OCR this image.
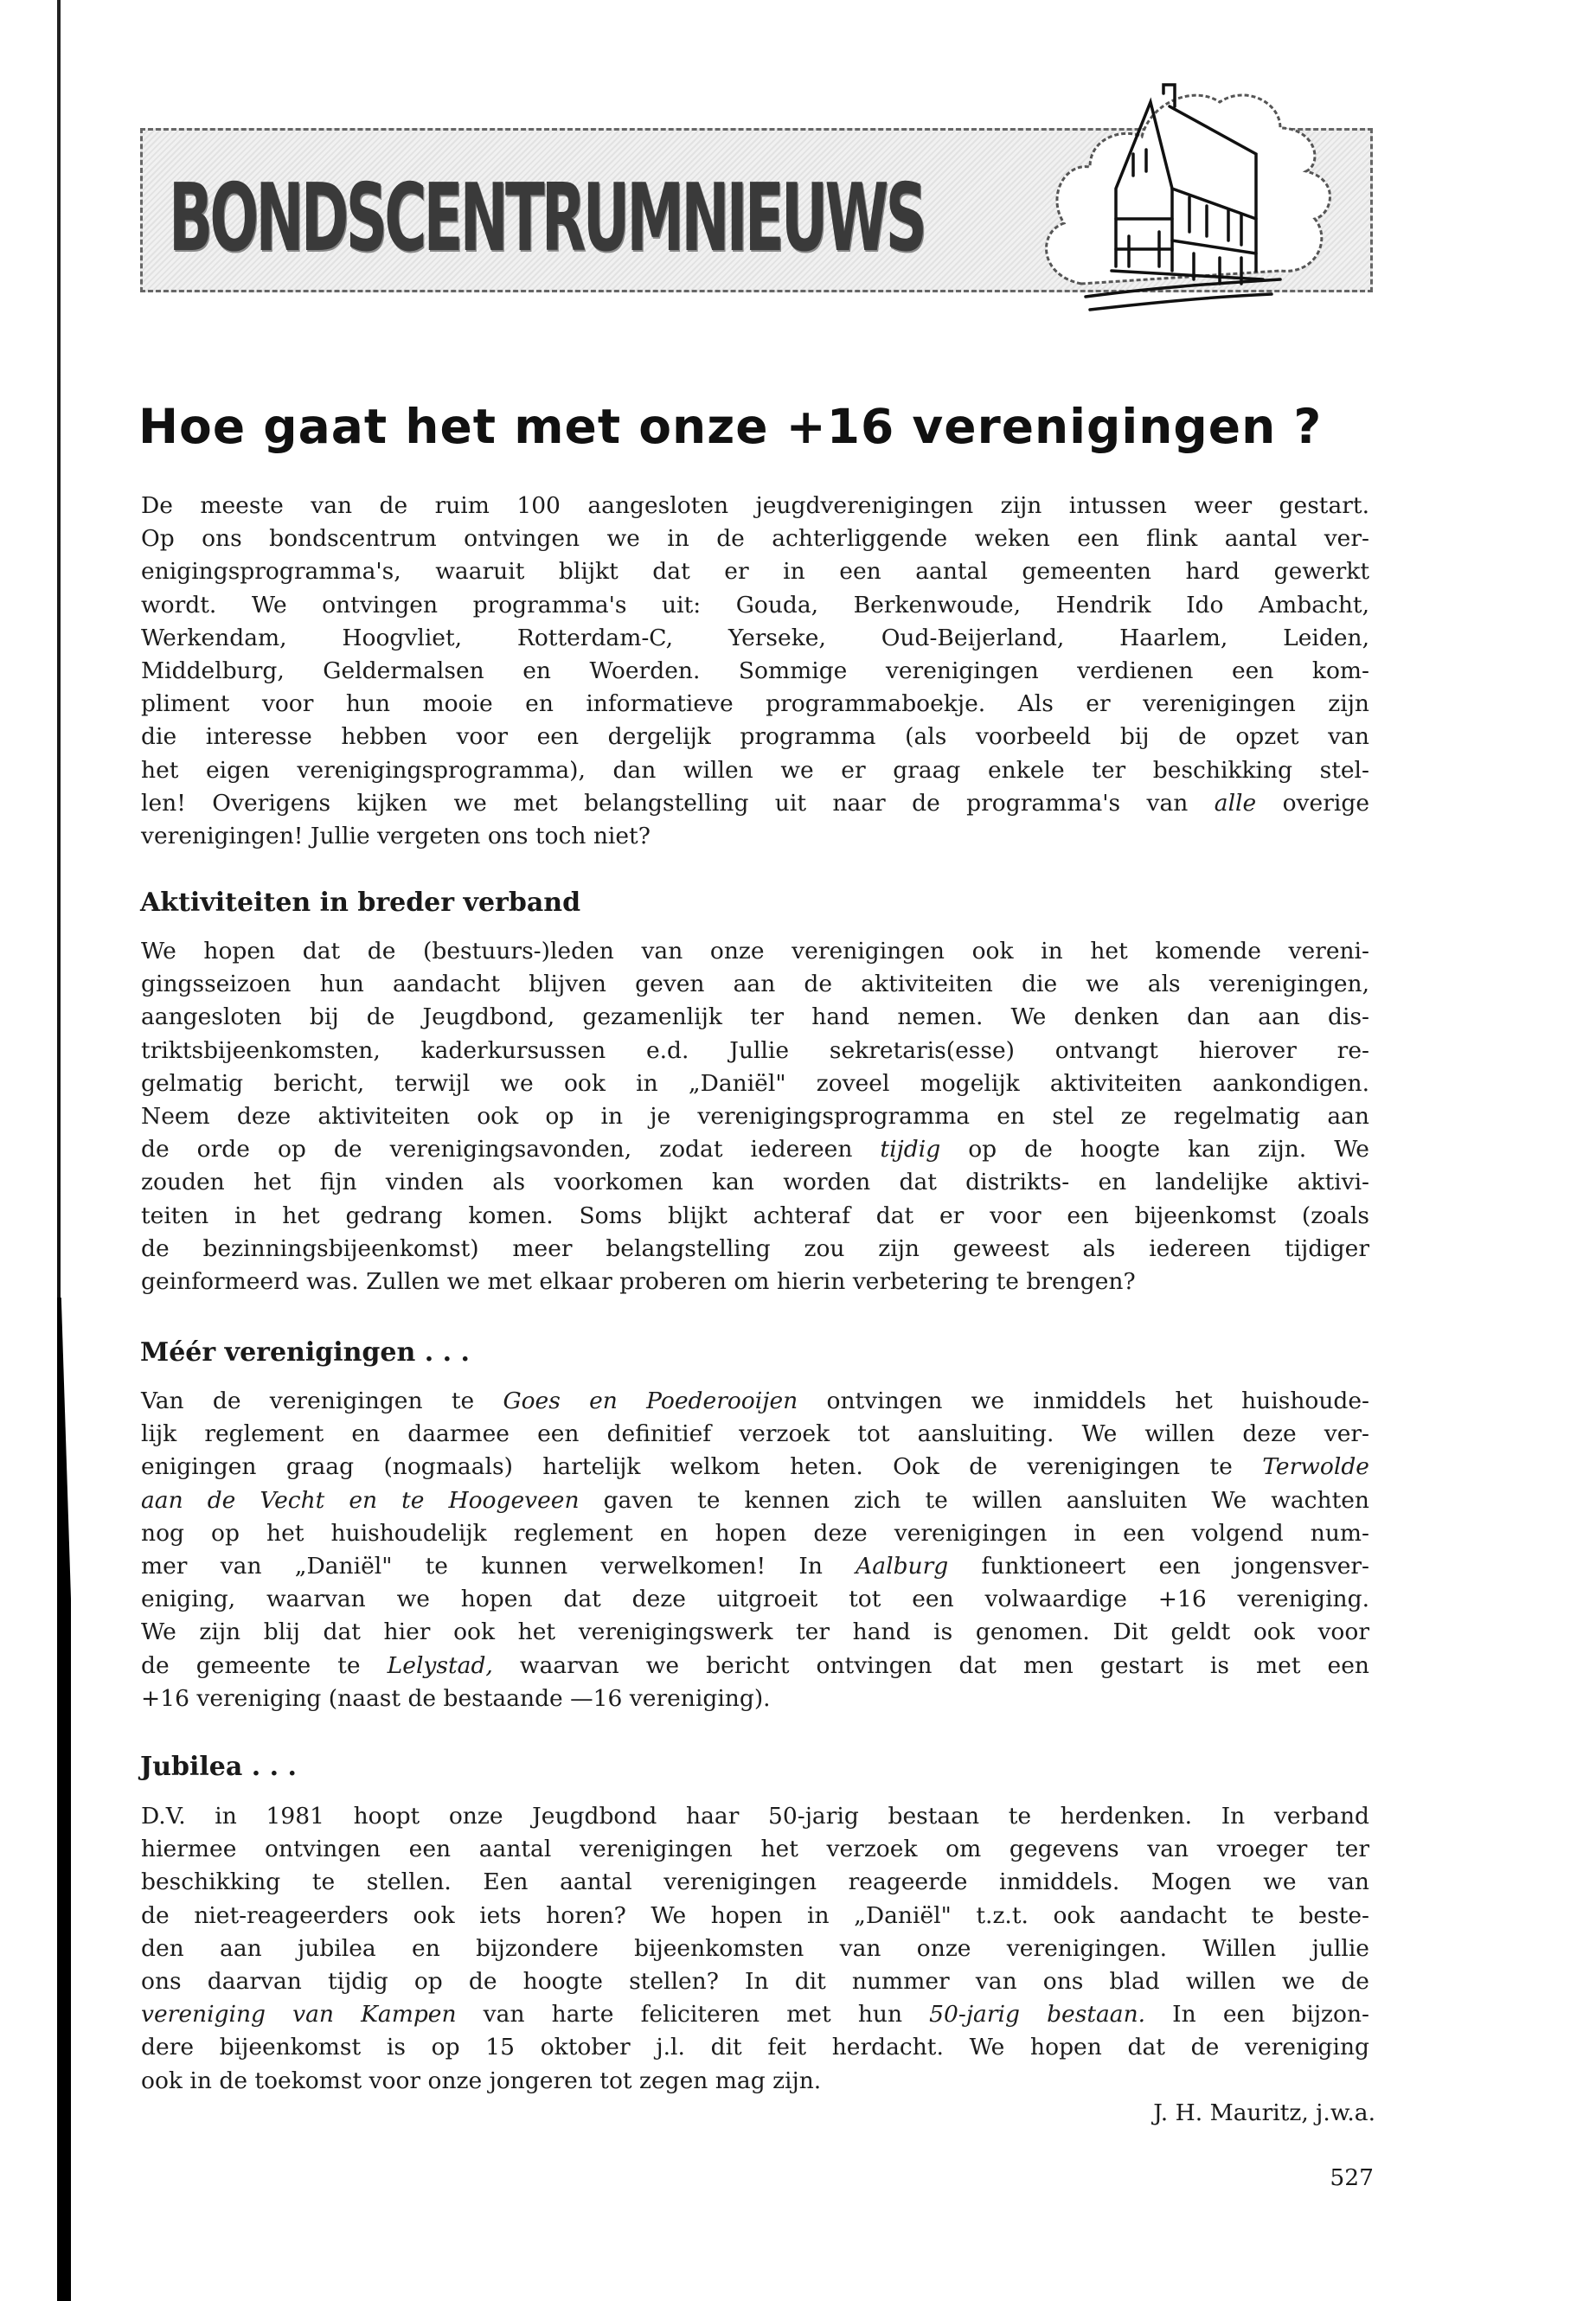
BONDSCENTRUMNIEUWS
Hoe gaat het met onze +16 verenigingen ?
De meeste van de ruim 100 aangesloten jeugdverenigingen zijn intussen weer gestart.
Op ons bondscentrum ontvingen we in de achterliggende weken een flink aantal ver-
enigingsprogramma's, waaruit blijkt dat er in een aantal gemeenten hard gewerkt
wordt. We ontvingen programma's uit: Gouda, Berkenwoude, Hendrik Ido Ambacht,
Werkendam, Hoogvliet, Rotterdam-C, Yerseke, Oud-Beijerland, Haarlem, Leiden,
Middelburg, Geldermalsen en Woerden. Sommige verenigingen verdienen een kom-
pliment voor hun mooie en informatieve programmaboekje. Als er verenigingen zijn
die interesse hebben voor een dergelijk programma (als voorbeeld bij de opzet van
het eigen verenigingsprogramma), dan willen we er graag enkele ter beschikking stel-
len! Overigens kijken we met belangstelling uit naar de programma's van alle overige
verenigingen! Jullie vergeten ons toch niet?
Aktiviteiten in breder verband
We hopen dat de (bestuurs-)leden van onze verenigingen ook in het komende vereni-
gingsseizoen hun aandacht blijven geven aan de aktiviteiten die we als verenigingen,
aangesloten bij de Jeugdbond, gezamenlijk ter hand nemen. We denken dan aan dis-
triktsbijeenkomsten, kaderkursussen e.d. Jullie sekretaris(esse) ontvangt hierover re-
gelmatig bericht, terwijl we ook in „Daniël" zoveel mogelijk aktiviteiten aankondigen.
Neem deze aktiviteiten ook op in je verenigingsprogramma en stel ze regelmatig aan
de orde op de verenigingsavonden, zodat iedereen tijdig op de hoogte kan zijn. We
zouden het fijn vinden als voorkomen kan worden dat distrikts- en landelijke aktivi-
teiten in het gedrang komen. Soms blijkt achteraf dat er voor een bijeenkomst (zoals
de bezinningsbijeenkomst) meer belangstelling zou zijn geweest als iedereen tijdiger
geinformeerd was. Zullen we met elkaar proberen om hierin verbetering te brengen?
Méér verenigingen . . .
Van de verenigingen te Goes en Poederooijen ontvingen we inmiddels het huishoude-
lijk reglement en daarmee een definitief verzoek tot aansluiting. We willen deze ver-
enigingen graag (nogmaals) hartelijk welkom heten. Ook de verenigingen te Terwolde
aan de Vecht en te Hoogeveen gaven te kennen zich te willen aansluiten We wachten
nog op het huishoudelijk reglement en hopen deze verenigingen in een volgend num-
mer van „Daniël" te kunnen verwelkomen! In Aalburg funktioneert een jongensver-
eniging, waarvan we hopen dat deze uitgroeit tot een volwaardige +16 vereniging.
We zijn blij dat hier ook het verenigingswerk ter hand is genomen. Dit geldt ook voor
de gemeente te Lelystad, waarvan we bericht ontvingen dat men gestart is met een
+16 vereniging (naast de bestaande —16 vereniging).
Jubilea . . .
D.V. in 1981 hoopt onze Jeugdbond haar 50-jarig bestaan te herdenken. In verband
hiermee ontvingen een aantal verenigingen het verzoek om gegevens van vroeger ter
beschikking te stellen. Een aantal verenigingen reageerde inmiddels. Mogen we van
de niet-reageerders ook iets horen? We hopen in „Daniël" t.z.t. ook aandacht te beste-
den aan jubilea en bijzondere bijeenkomsten van onze verenigingen. Willen jullie
ons daarvan tijdig op de hoogte stellen? In dit nummer van ons blad willen we de
vereniging van Kampen van harte feliciteren met hun 50-jarig bestaan. In een bijzon-
dere bijeenkomst is op 15 oktober j.l. dit feit herdacht. We hopen dat de vereniging
ook in de toekomst voor onze jongeren tot zegen mag zijn.
J. H. Mauritz, j.w.a.
527
